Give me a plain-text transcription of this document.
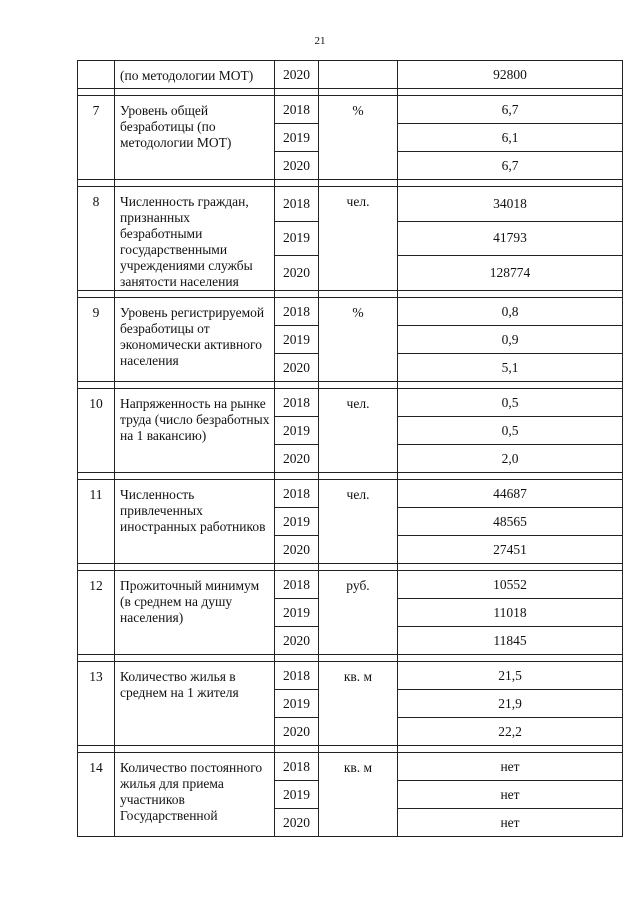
21
	(по методологии МОТ)	2020		92800

7	Уровень общей безработицы (по методологии МОТ)	2018	%	6,7
		2019		6,1
		2020		6,7

8	Численность граждан, признанных безработными государственными учреждениями службы занятости населения	2018	чел.	34018
		2019		41793
		2020		128774

9	Уровень регистрируемой безработицы от экономически активного населения	2018	%	0,8
		2019		0,9
		2020		5,1

10	Напряженность на рынке труда (число безработных на 1 вакансию)	2018	чел.	0,5
		2019		0,5
		2020		2,0

11	Численность привлеченных иностранных работников	2018	чел.	44687
		2019		48565
		2020		27451

12	Прожиточный минимум (в среднем на душу населения)	2018	руб.	10552
		2019		11018
		2020		11845

13	Количество жилья в среднем на 1 жителя	2018	кв. м	21,5
		2019		21,9
		2020		22,2

14	Количество постоянного жилья для приема участников Государственной	2018	кв. м	нет
		2019		нет
		2020		нет
